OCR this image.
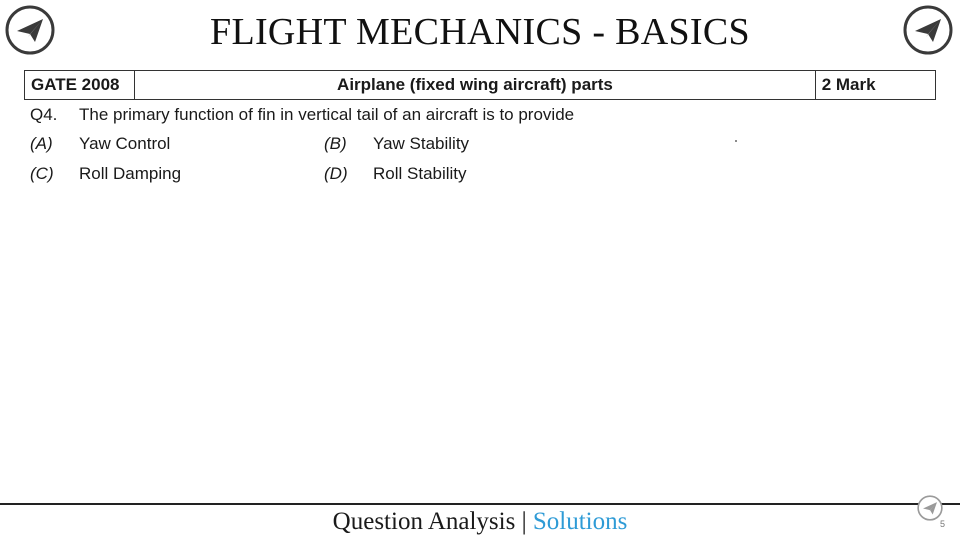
FLIGHT MECHANICS - BASICS
GATE 2008	Airplane (fixed wing aircraft) parts	2 Mark
Q4. The primary function of fin in vertical tail of an aircraft is to provide
(A) Yaw Control	(B) Yaw Stability
(C) Roll Damping	(D) Roll Stability
Question Analysis | Solutions	5
